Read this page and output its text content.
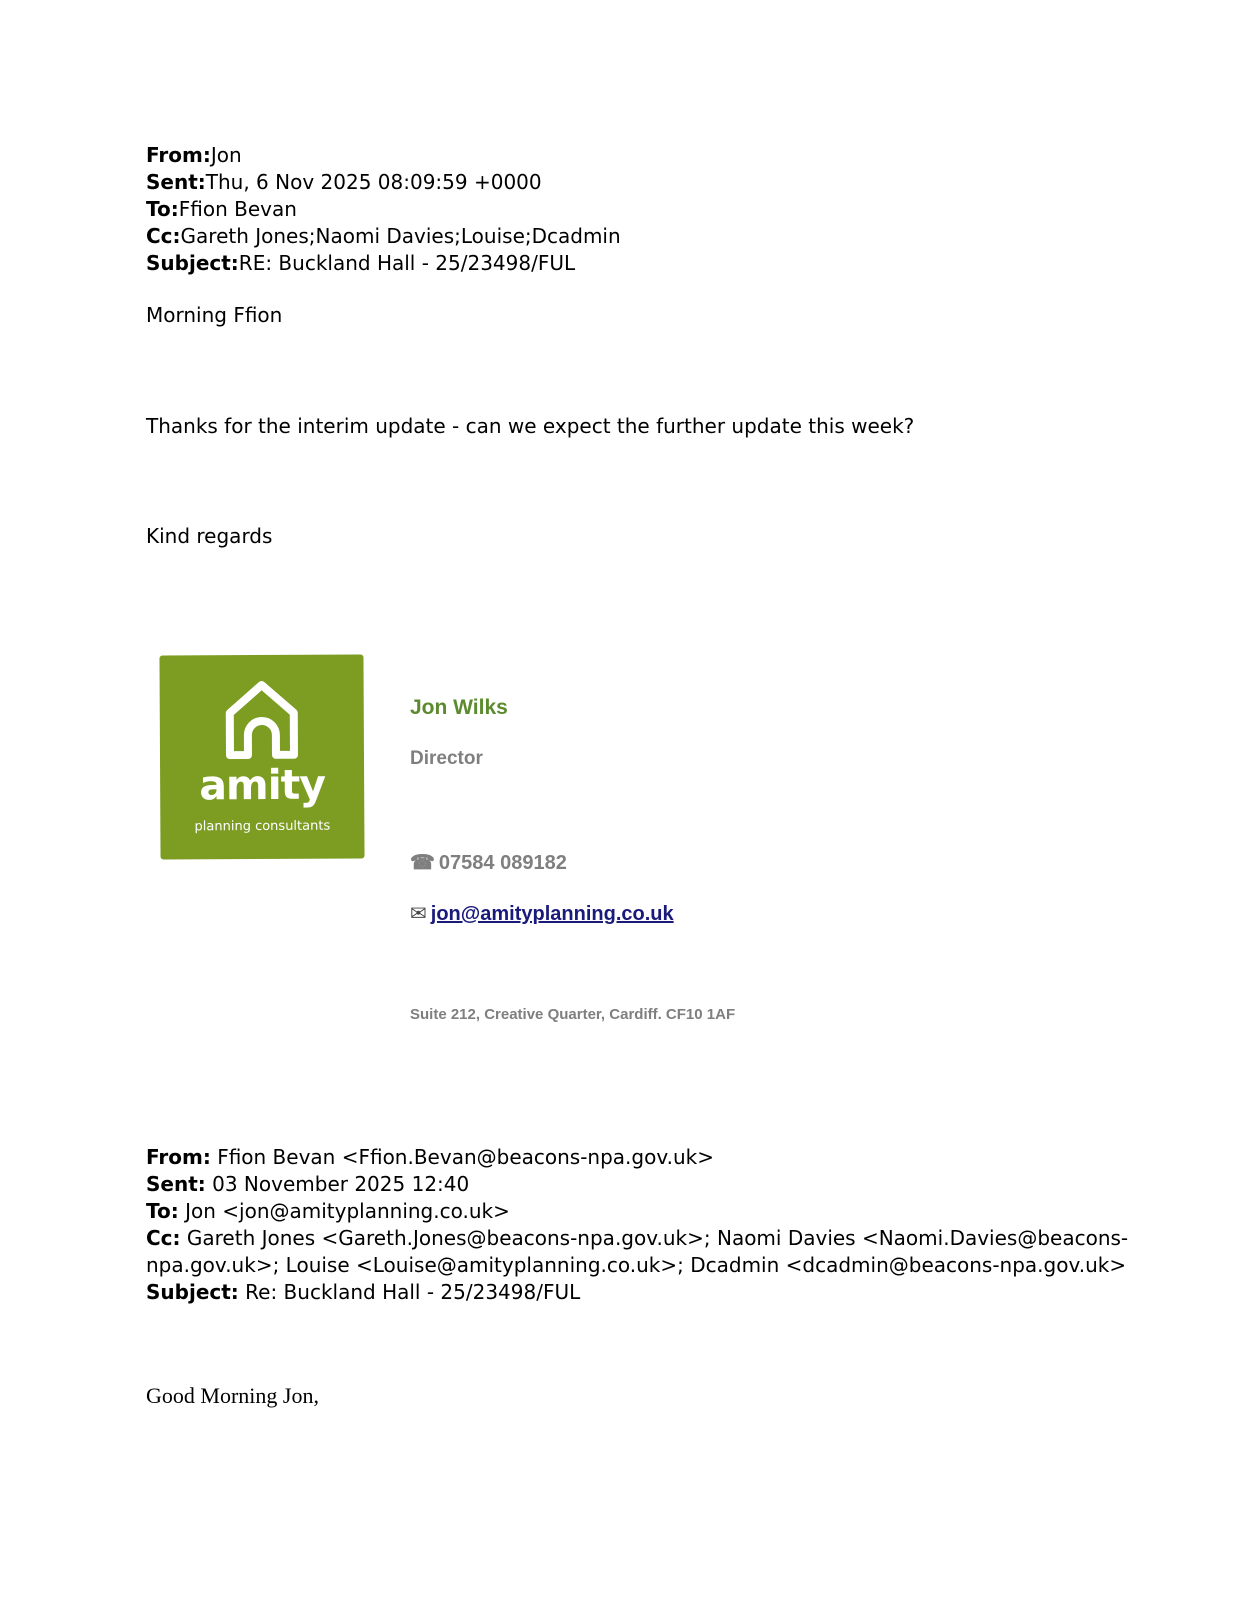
From:Jon
Sent:Thu, 6 Nov 2025 08:09:59 +0000
To:Ffion Bevan
Cc:Gareth Jones;Naomi Davies;Louise;Dcadmin
Subject:RE: Buckland Hall - 25/23498/FUL
Morning Ffion
Thanks for the interim update - can we expect the further update this week?
Kind regards
amity
planning consultants
Jon Wilks
Director
☎ 07584 089182
✉ jon@amityplanning.co.uk
Suite 212, Creative Quarter, Cardiff. CF10 1AF
From: Ffion Bevan <Ffion.Bevan@beacons-npa.gov.uk>
Sent: 03 November 2025 12:40
To: Jon <jon@amityplanning.co.uk>
Cc: Gareth Jones <Gareth.Jones@beacons-npa.gov.uk>; Naomi Davies <Naomi.Davies@beacons-
npa.gov.uk>; Louise <Louise@amityplanning.co.uk>; Dcadmin <dcadmin@beacons-npa.gov.uk>
Subject: Re: Buckland Hall - 25/23498/FUL
Good Morning Jon,
